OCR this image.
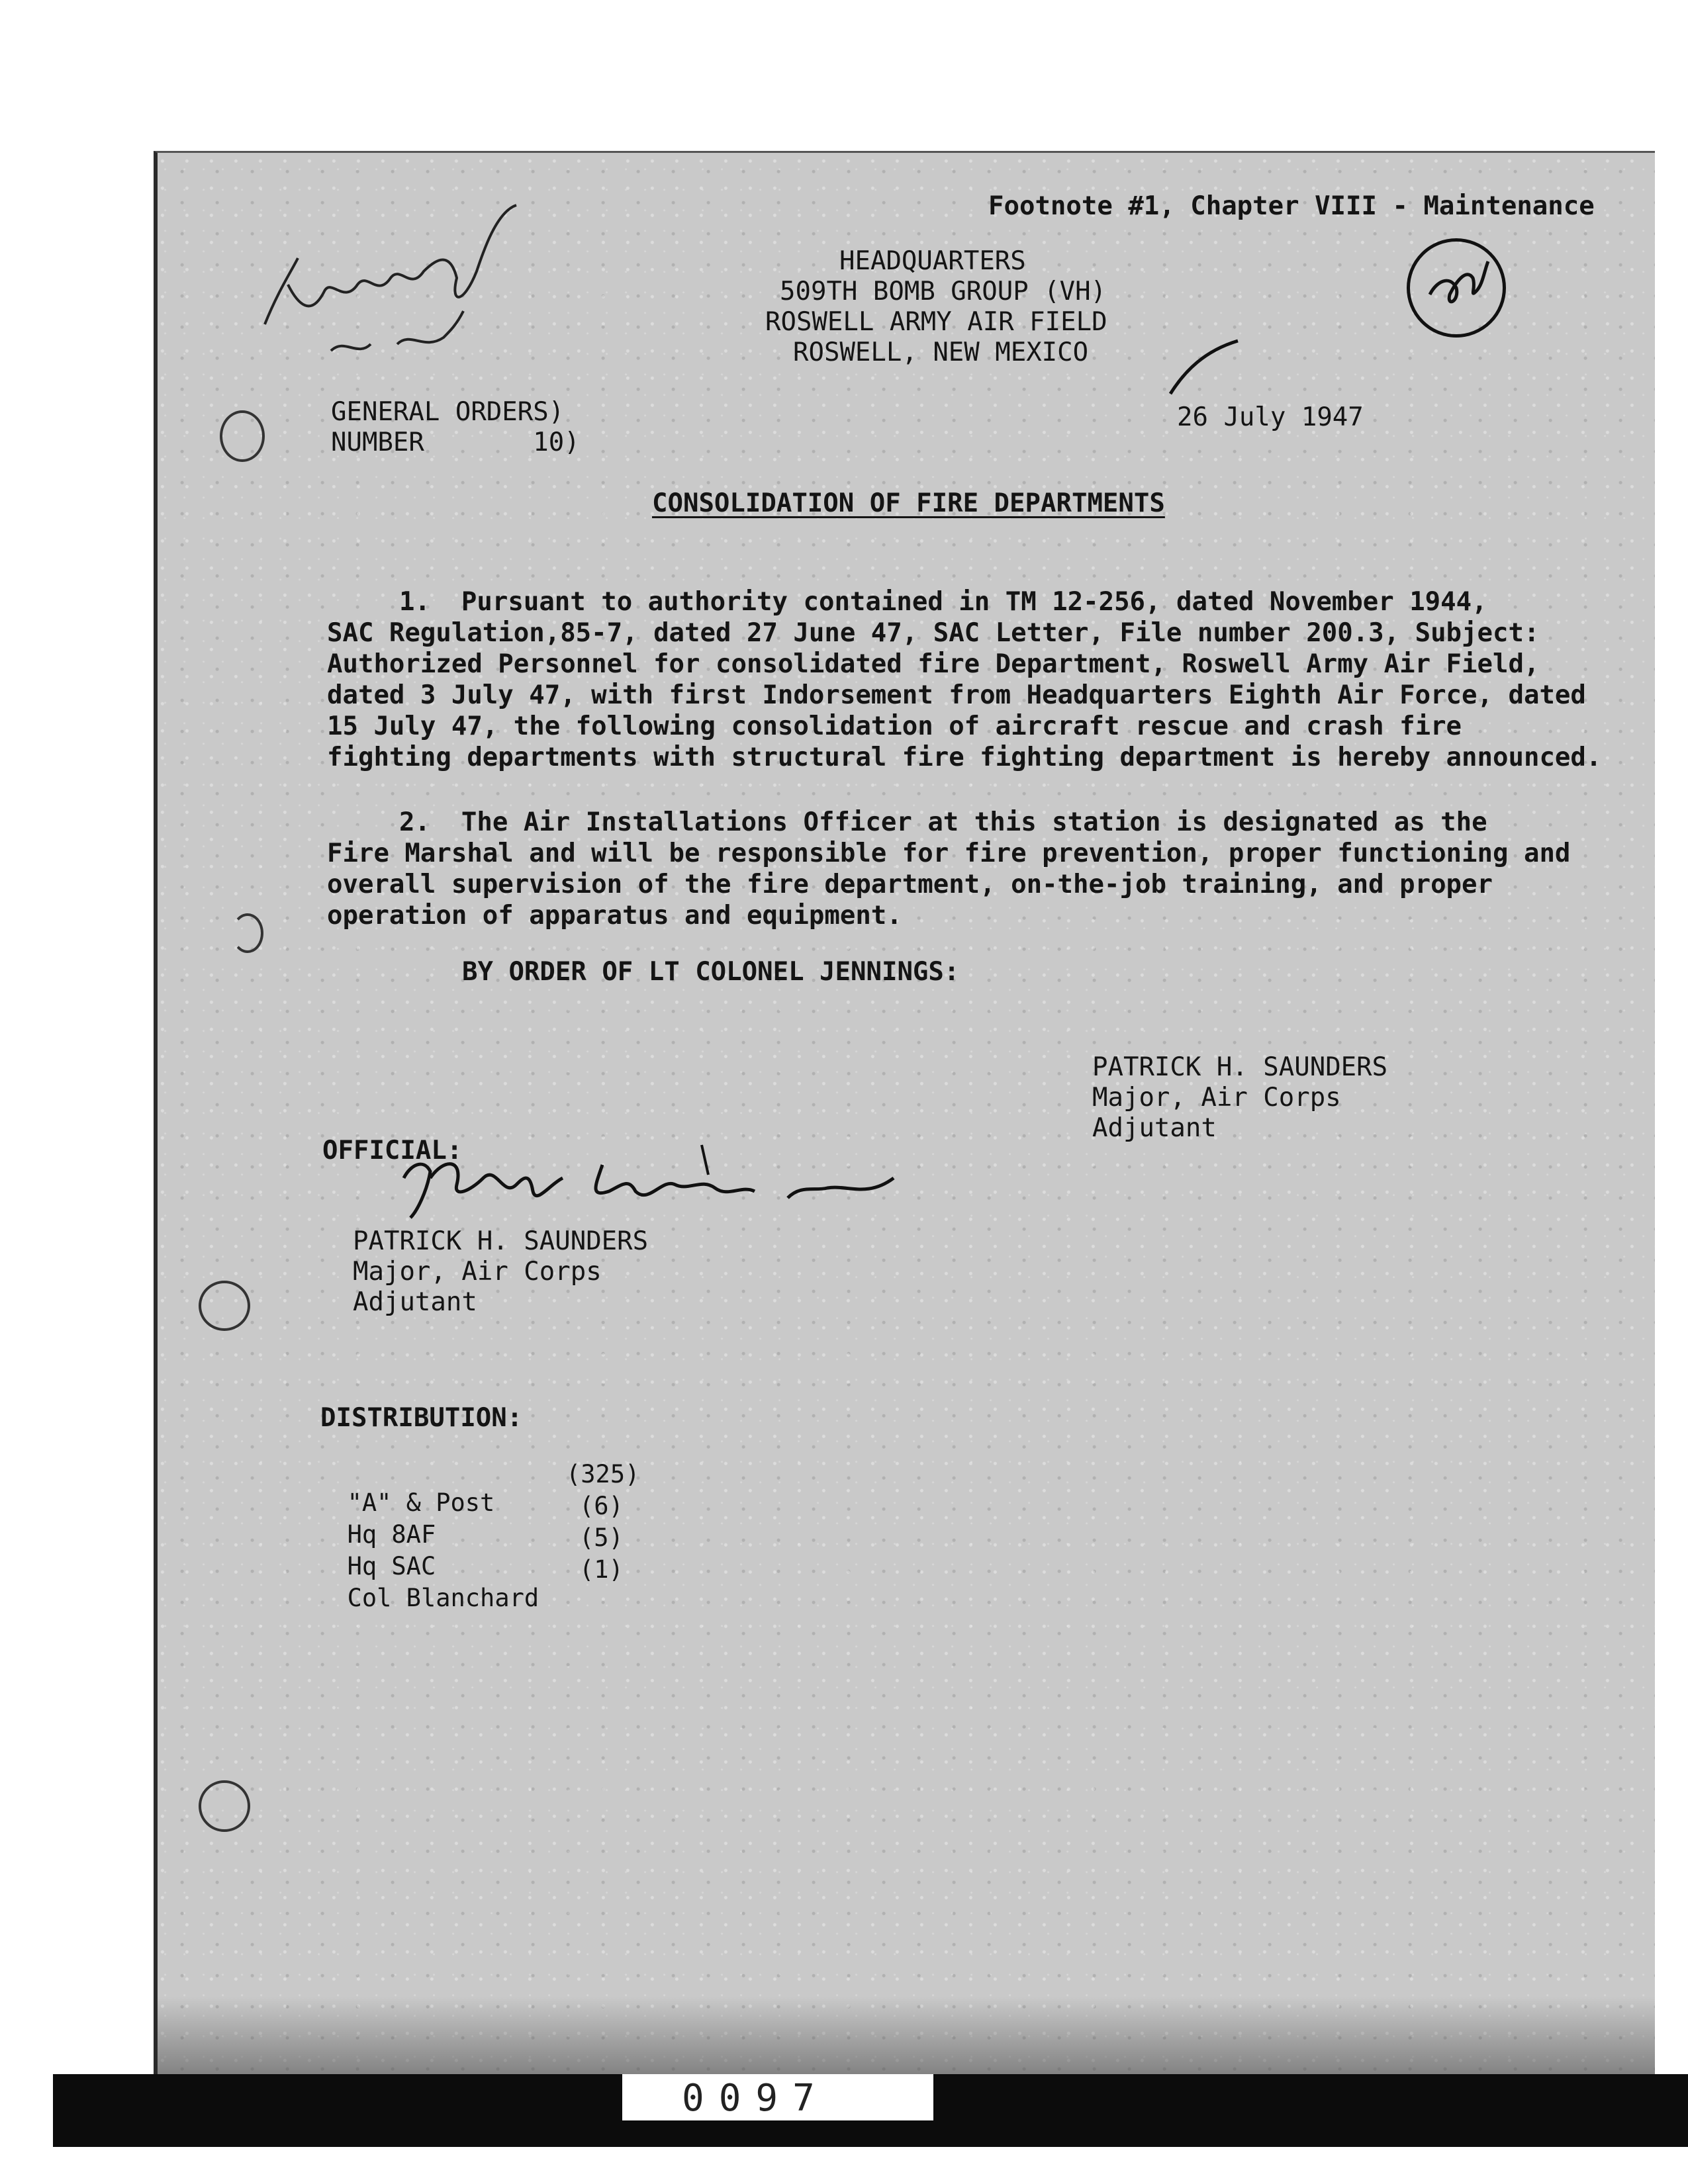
Footnote #1, Chapter VIII - Maintenance
HEADQUARTERS
509TH BOMB GROUP (VH)
ROSWELL ARMY AIR FIELD
ROSWELL, NEW MEXICO
GENERAL ORDERS)
NUMBER       10)
26 July 1947
CONSOLIDATION OF FIRE DEPARTMENTS
1.  Pursuant to authority contained in TM 12-256, dated November 1944,
SAC Regulation,85-7, dated 27 June 47, SAC Letter, File number 200.3, Subject:
Authorized Personnel for consolidated fire Department, Roswell Army Air Field,
dated 3 July 47, with first Indorsement from Headquarters Eighth Air Force, dated
15 July 47, the following consolidation of aircraft rescue and crash fire
fighting departments with structural fire fighting department is hereby announced.
2.  The Air Installations Officer at this station is designated as the
Fire Marshal and will be responsible for fire prevention, proper functioning and
overall supervision of the fire department, on-the-job training, and proper
operation of apparatus and equipment.
BY ORDER OF LT COLONEL JENNINGS:
PATRICK H. SAUNDERS
Major, Air Corps
Adjutant
OFFICIAL:
PATRICK H. SAUNDERS
Major, Air Corps
Adjutant
DISTRIBUTION:

"A" & Post

(325)

Hq 8AF

(6)

Hq SAC

(5)

Col Blanchard

(1)
0097
